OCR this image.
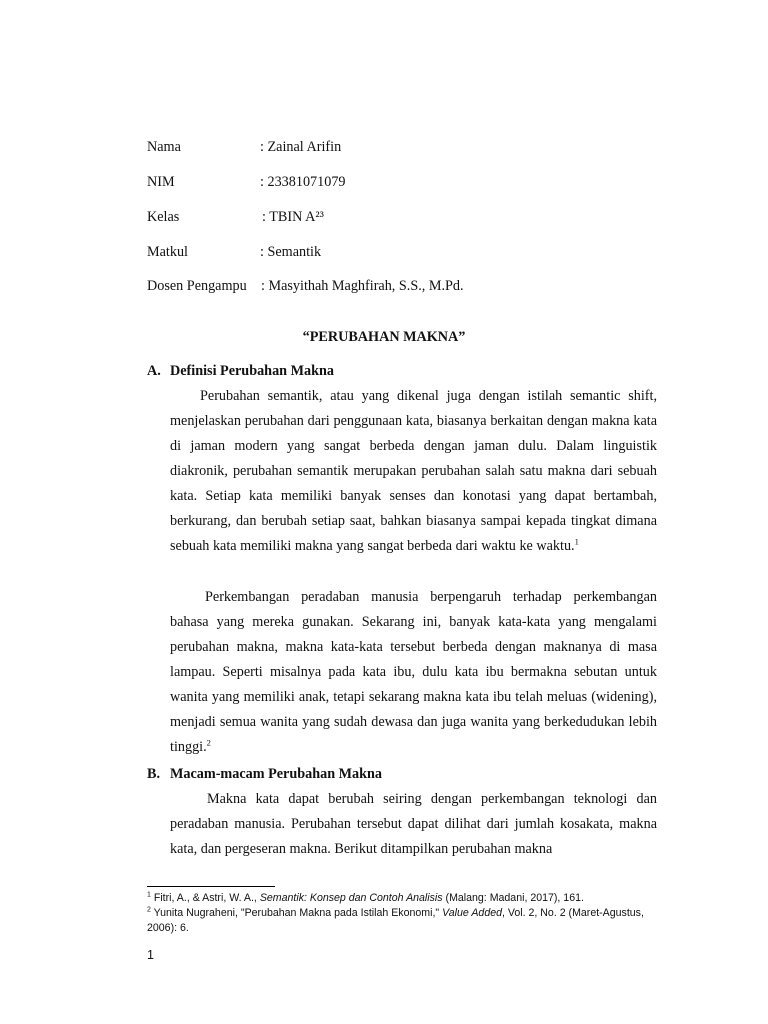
Nama	: Zainal Arifin
NIM	: 23381071079
Kelas	: TBIN A²³
Matkul	: Semantik
Dosen Pengampu : Masyithah Maghfirah, S.S., M.Pd.
“PERUBAHAN MAKNA”
A. Definisi Perubahan Makna

Perubahan semantik, atau yang dikenal juga dengan istilah semantic shift, menjelaskan perubahan dari penggunaan kata, biasanya berkaitan dengan makna kata di jaman modern yang sangat berbeda dengan jaman dulu. Dalam linguistik diakronik, perubahan semantik merupakan perubahan salah satu makna dari sebuah kata. Setiap kata memiliki banyak senses dan konotasi yang dapat bertambah, berkurang, dan berubah setiap saat, bahkan biasanya sampai kepada tingkat dimana sebuah kata memiliki makna yang sangat berbeda dari waktu ke waktu.$^1$

Perkembangan peradaban manusia berpengaruh terhadap perkembangan bahasa yang mereka gunakan. Sekarang ini, banyak kata-kata yang mengalami perubahan makna, makna kata-kata tersebut berbeda dengan maknanya di masa lampau. Seperti misalnya pada kata ibu, dulu kata ibu bermakna sebutan untuk wanita yang memiliki anak, tetapi sekarang makna kata ibu telah meluas (widening), menjadi semua wanita yang sudah dewasa dan juga wanita yang berkedudukan lebih tinggi.$^2$

B. Macam-macam Perubahan Makna

Makna kata dapat berubah seiring dengan perkembangan teknologi dan peradaban manusia. Perubahan tersebut dapat dilihat dari jumlah kosakata, makna kata, dan pergeseran makna. Berikut ditampilkan perubahan makna

$^1$ Fitri, A., & Astri, W. A., Semantik: Konsep dan Contoh Analisis (Malang: Madani, 2017), 161.

$^2$ Yunita Nugraheni, "Perubahan Makna pada Istilah Ekonomi," Value Added, Vol. 2, No. 2 (Maret-Agustus, 2006): 6.

1
